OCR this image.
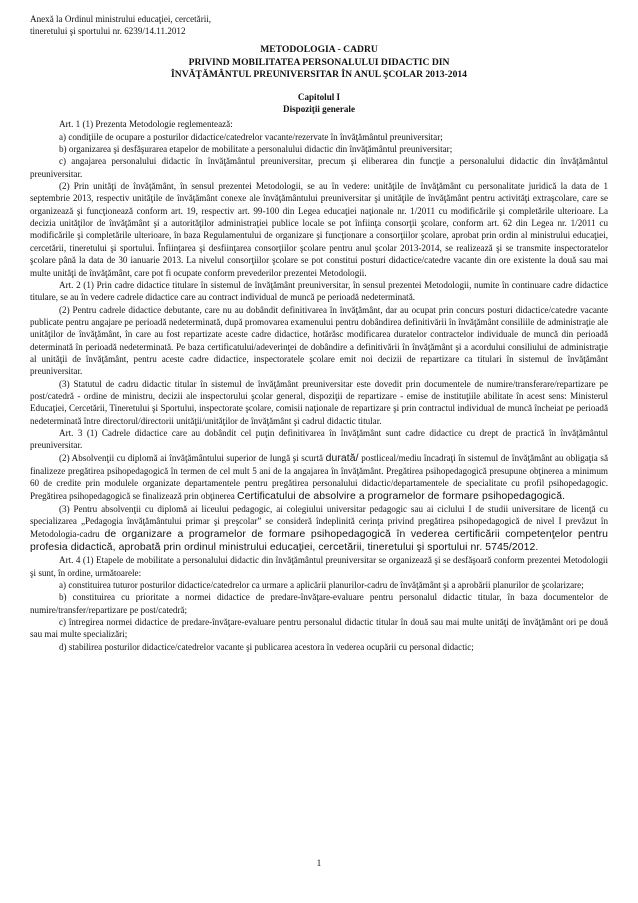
Anexă la Ordinul ministrului educaţiei, cercetării,

tineretului şi sportului nr. 6239/14.11.2012

METODOLOGIA - CADRU

PRIVIND MOBILITATEA PERSONALULUI DIDACTIC DIN

ÎNVĂŢĂMÂNTUL PREUNIVERSITAR ÎN ANUL ŞCOLAR 2013-2014

Capitolul I
Dispoziţii generale

Art. 1 (1) Prezenta Metodologie reglementează:

a) condiţiile de ocupare a posturilor didactice/catedrelor vacante/rezervate în învăţământul preuniversitar;

b) organizarea şi desfăşurarea etapelor de mobilitate a personalului didactic din învăţământul preuniversitar;

c) angajarea personalului didactic în învăţământul preuniversitar, precum şi eliberarea din funcţie a personalului didactic din învăţământul preuniversitar.

(2) Prin unităţi de învăţământ, în sensul prezentei Metodologii, se au în vedere: unităţile de învăţământ cu personalitate juridică la data de 1 septembrie 2013, respectiv unităţile de învăţământ conexe ale învăţământului preuniversitar şi unităţile de învăţământ pentru activităţi extraşcolare, care se organizează şi funcţionează conform art. 19, respectiv art. 99-100 din Legea educaţiei naţionale nr. 1/2011 cu modificările şi completările ulterioare. La decizia unităţilor de învăţământ şi a autorităţilor administraţiei publice locale se pot înfiinţa consorţii şcolare, conform art. 62 din Legea nr. 1/2011 cu modificările şi completările ulterioare, în baza Regulamentului de organizare şi funcţionare a consorţiilor şcolare, aprobat prin ordin al ministrului educaţiei, cercetării, tineretului şi sportului. Înfiinţarea şi desfiinţarea consorţiilor şcolare pentru anul şcolar 2013-2014, se realizează şi se transmite inspectoratelor şcolare până la data de 30 ianuarie 2013. La nivelul consorţiilor şcolare se pot constitui posturi didactice/catedre vacante din ore existente la două sau mai multe unităţi de învăţământ, care pot fi ocupate conform prevederilor prezentei Metodologii.

Art. 2 (1) Prin cadre didactice titulare în sistemul de învăţământ preuniversitar, în sensul prezentei Metodologii, numite în continuare cadre didactice titulare, se au în vedere cadrele didactice care au contract individual de muncă pe perioadă nedeterminată.

(2) Pentru cadrele didactice debutante, care nu au dobândit definitivarea în învăţământ, dar au ocupat prin concurs posturi didactice/catedre vacante publicate pentru angajare pe perioadă nedeterminată, după promovarea examenului pentru dobândirea definitivării în învăţământ consiliile de administraţie ale unităţilor de învăţământ, în care au fost repartizate aceste cadre didactice, hotărăsc modificarea duratelor contractelor individuale de muncă din perioadă determinată în perioadă nedeterminată. Pe baza certificatului/adeverinţei de dobândire a definitivării în învăţământ şi a acordului consiliului de administraţie al unităţii de învăţământ, pentru aceste cadre didactice, inspectoratele şcolare emit noi decizii de repartizare ca titulari în sistemul de învăţământ preuniversitar.

(3) Statutul de cadru didactic titular în sistemul de învăţământ preuniversitar este dovedit prin documentele de numire/transferare/repartizare pe post/catedră - ordine de ministru, decizii ale inspectorului şcolar general, dispoziţii de repartizare - emise de instituţiile abilitate în acest sens: Ministerul Educaţiei, Cercetării, Tineretului şi Sportului, inspectorate şcolare, comisii naţionale de repartizare şi prin contractul individual de muncă încheiat pe perioadă nedeterminată între directorul/directorii unităţii/unităţilor de învăţământ şi cadrul didactic titular.

Art. 3 (1) Cadrele didactice care au dobândit cel puţin definitivarea în învăţământ sunt cadre didactice cu drept de practică în învăţământul preuniversitar.

(2) Absolvenţii cu diplomă ai învăţământului superior de lungă şi scurtă durată/ postliceal/mediu încadraţi în sistemul de învăţământ au obligaţia să finalizeze pregătirea psihopedagogică în termen de cel mult 5 ani de la angajarea în învăţământ. Pregătirea psihopedagogică presupune obţinerea a minimum 60 de credite prin modulele organizate departamentele pentru pregătirea personalului didactic/departamentele de specialitate cu profil psihopedagogic. Pregătirea psihopedagogică se finalizează prin obţinerea Certificatului de absolvire a programelor de formare psihopedagogică.

(3) Pentru absolvenţii cu diplomă ai liceului pedagogic, ai colegiului universitar pedagogic sau ai ciclului I de studii universitare de licenţă cu specializarea „Pedagogia învăţământului primar şi preşcolar” se consideră îndeplinită cerinţa privind pregătirea psihopedagogică de nivel I prevăzut în Metodologia-cadru de organizare a programelor de formare psihopedagogică în vederea certificării competenţelor pentru profesia didactică, aprobată prin ordinul ministrului educaţiei, cercetării, tineretului şi sportului nr. 5745/2012.

Art. 4 (1) Etapele de mobilitate a personalului didactic din învăţământul preuniversitar se organizează şi se desfăşoară conform prezentei Metodologii şi sunt, în ordine, următoarele:

a) constituirea tuturor posturilor didactice/catedrelor ca urmare a aplicării planurilor-cadru de învăţământ şi a aprobării planurilor de şcolarizare;

b) constituirea cu prioritate a normei didactice de predare-învăţare-evaluare pentru personalul didactic titular, în baza documentelor de numire/transfer/repartizare pe post/catedră;

c) întregirea normei didactice de predare-învăţare-evaluare pentru personalul didactic titular în două sau mai multe unităţi de învăţământ ori pe două sau mai multe specializări;

d) stabilirea posturilor didactice/catedrelor vacante şi publicarea acestora în vederea ocupării cu personal didactic;

1
